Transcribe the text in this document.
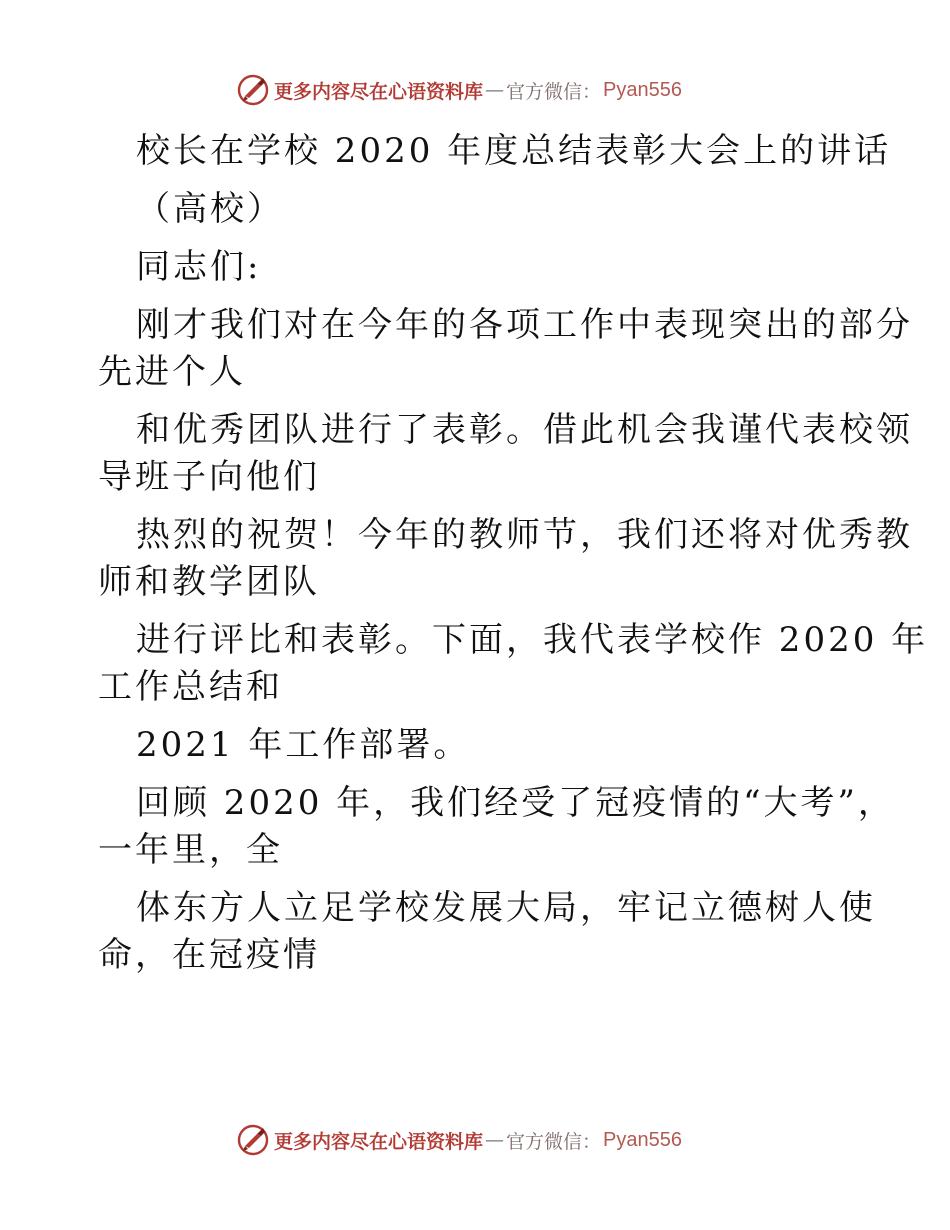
更多内容尽在心语资料库 — 官方微信： Pyan556
校长在学校 2020 年度总结表彰大会上的讲话
（高校）
同志们:
刚才我们对在今年的各项工作中表现突出的部分
先进个人
和优秀团队进行了表彰。借此机会我谨代表校领
导班子向他们
热烈的祝贺！今年的教师节，我们还将对优秀教
师和教学团队
进行评比和表彰。下面，我代表学校作 2020 年
工作总结和
2021 年工作部署。
回顾 2020 年，我们经受了冠疫情的“大考”，
一年里，全
体东方人立足学校发展大局，牢记立德树人使
命，在冠疫情
更多内容尽在心语资料库 — 官方微信： Pyan556
